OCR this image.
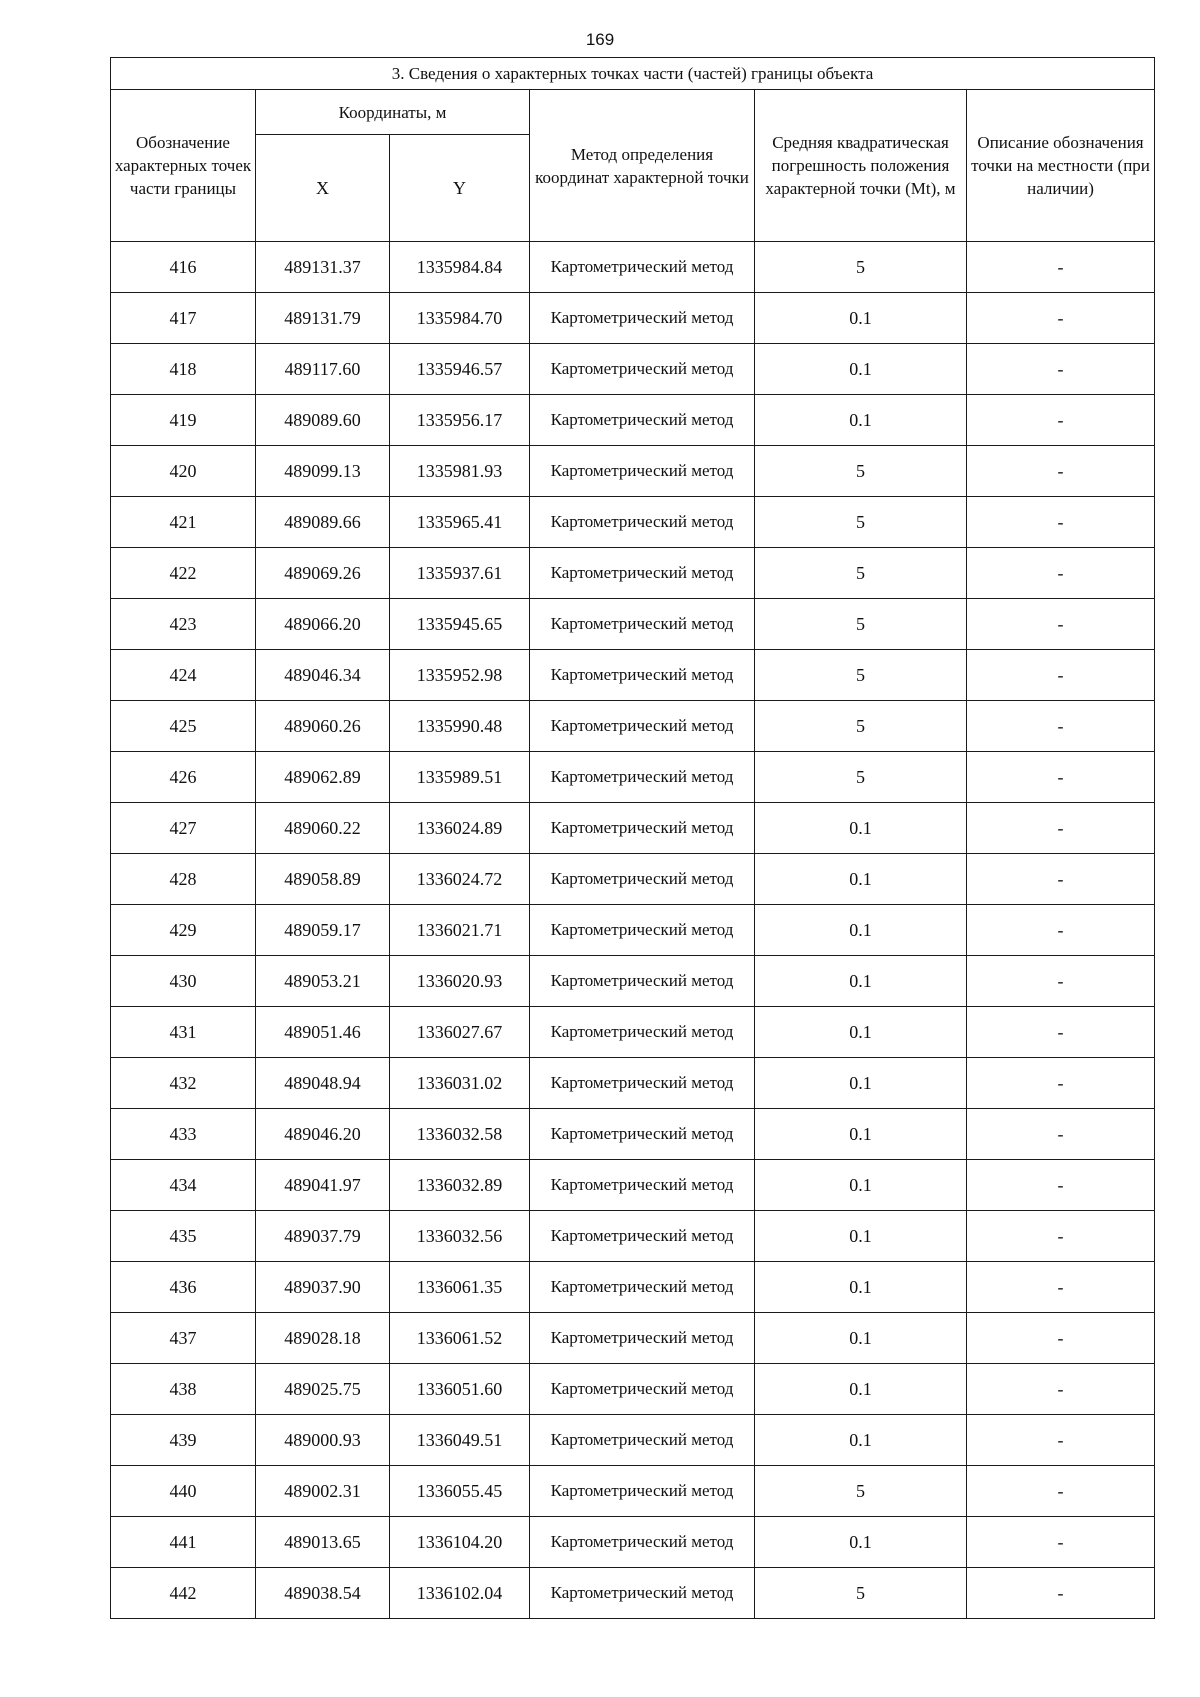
169
3. Сведения о характерных точках части (частей) границы объекта					
Обозначение характерных точек части границы	Координаты, м		Метод определения координат характерной точки	Средняя квадратическая погрешность положения характерной точки (Mt), м	Описание обозначения точки на местности (при наличии)
	X	Y			
416	489131.37	1335984.84	Картометрический метод	5	-
417	489131.79	1335984.70	Картометрический метод	0.1	-
418	489117.60	1335946.57	Картометрический метод	0.1	-
419	489089.60	1335956.17	Картометрический метод	0.1	-
420	489099.13	1335981.93	Картометрический метод	5	-
421	489089.66	1335965.41	Картометрический метод	5	-
422	489069.26	1335937.61	Картометрический метод	5	-
423	489066.20	1335945.65	Картометрический метод	5	-
424	489046.34	1335952.98	Картометрический метод	5	-
425	489060.26	1335990.48	Картометрический метод	5	-
426	489062.89	1335989.51	Картометрический метод	5	-
427	489060.22	1336024.89	Картометрический метод	0.1	-
428	489058.89	1336024.72	Картометрический метод	0.1	-
429	489059.17	1336021.71	Картометрический метод	0.1	-
430	489053.21	1336020.93	Картометрический метод	0.1	-
431	489051.46	1336027.67	Картометрический метод	0.1	-
432	489048.94	1336031.02	Картометрический метод	0.1	-
433	489046.20	1336032.58	Картометрический метод	0.1	-
434	489041.97	1336032.89	Картометрический метод	0.1	-
435	489037.79	1336032.56	Картометрический метод	0.1	-
436	489037.90	1336061.35	Картометрический метод	0.1	-
437	489028.18	1336061.52	Картометрический метод	0.1	-
438	489025.75	1336051.60	Картометрический метод	0.1	-
439	489000.93	1336049.51	Картометрический метод	0.1	-
440	489002.31	1336055.45	Картометрический метод	5	-
441	489013.65	1336104.20	Картометрический метод	0.1	-
442	489038.54	1336102.04	Картометрический метод	5	-
